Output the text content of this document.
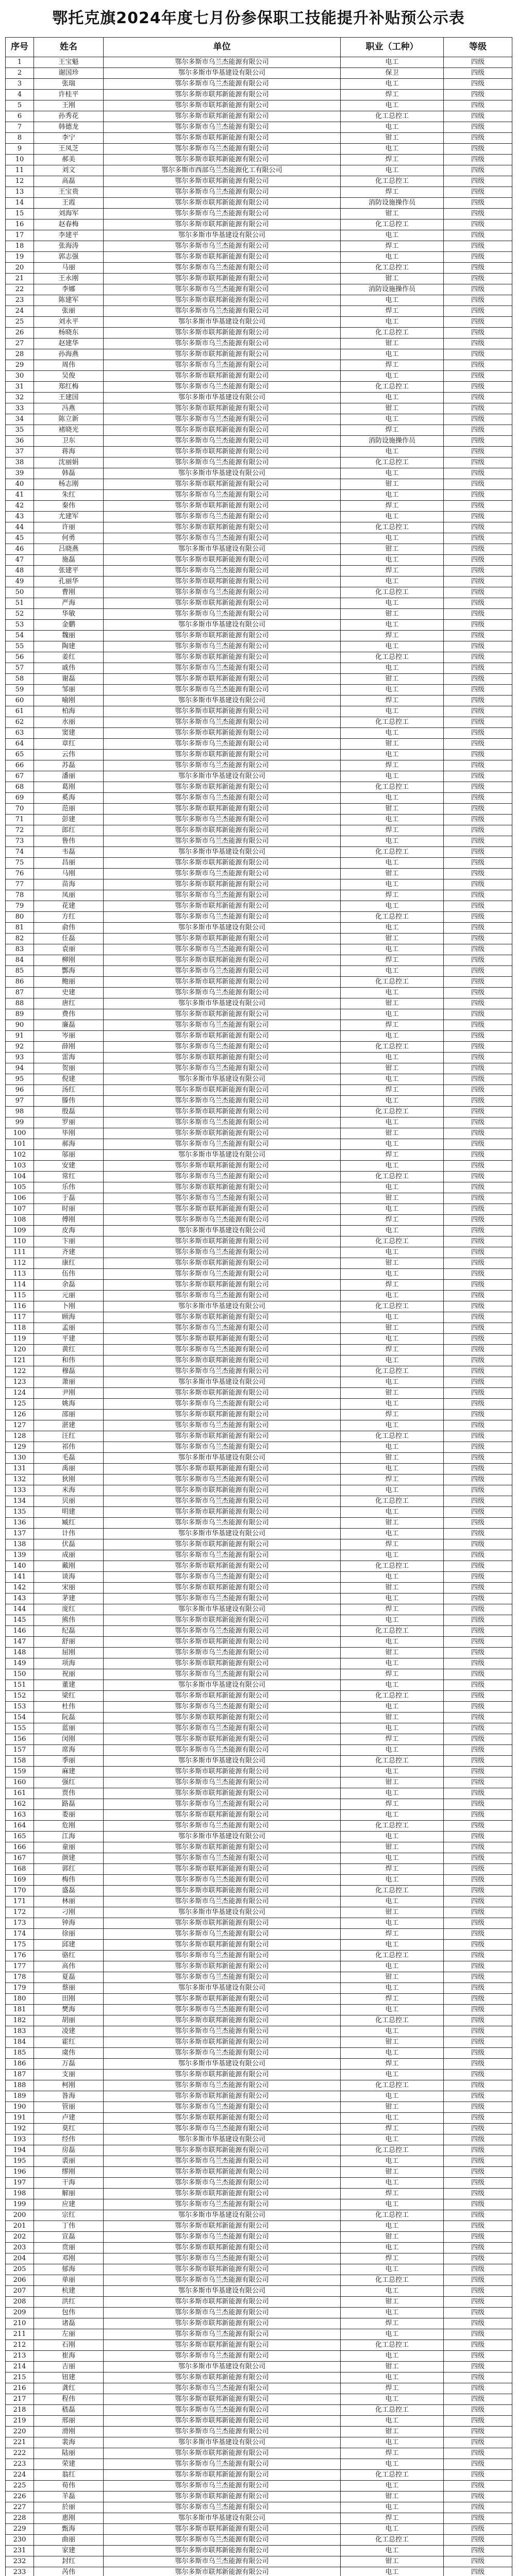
鄂托克旗2024年度七月份参保职工技能提升补贴预公示表
序号	姓名	单位	职业（工种）	等级
1	王宝魁	鄂尔多斯市乌兰杰能源有限公司	电工	四级
2	谢国珍	鄂尔多斯市华基建设有限公司	保卫	四级
3	张瑞	鄂尔多斯市乌兰杰能源有限公司	电工	四级
4	许桂平	鄂尔多斯市联邦新能源有限公司	焊工	四级
5	王刚	鄂尔多斯市联邦新能源有限公司	电工	四级
6	孙秀花	鄂尔多斯市联邦新能源有限公司	化工总控工	四级
7	韩德龙	鄂尔多斯市乌兰杰能源有限公司	电工	四级
8	李宁	鄂尔多斯市联邦新能源有限公司	钳工	四级
9	王凤芝	鄂尔多斯市乌兰杰能源有限公司	电工	四级
10	郝美	鄂尔多斯市联邦新能源有限公司	焊工	四级
11	刘文	鄂尔多斯市西部乌兰杰能源化工有限公司	电工	四级
12	高磊	鄂尔多斯市联邦新能源有限公司	化工总控工	四级
13	王宝贵	鄂尔多斯市乌兰杰能源有限公司	焊工	四级
14	王霞	鄂尔多斯市联邦新能源有限公司	消防设施操作员	四级
15	刘海军	鄂尔多斯市乌兰杰能源有限公司	钳工	四级
16	赵春梅	鄂尔多斯市联邦新能源有限公司	化工总控工	四级
17	李建平	鄂尔多斯市华基建设有限公司	电工	四级
18	张海涛	鄂尔多斯市乌兰杰能源有限公司	焊工	四级
19	郭志强	鄂尔多斯市联邦新能源有限公司	电工	四级
20	马丽	鄂尔多斯市乌兰杰能源有限公司	化工总控工	四级
21	王永刚	鄂尔多斯市联邦新能源有限公司	钳工	四级
22	李娜	鄂尔多斯市乌兰杰能源有限公司	消防设施操作员	四级
23	陈建军	鄂尔多斯市联邦新能源有限公司	电工	四级
24	张丽	鄂尔多斯市乌兰杰能源有限公司	焊工	四级
25	刘永平	鄂尔多斯市华基建设有限公司	电工	四级
26	杨晓东	鄂尔多斯市联邦新能源有限公司	化工总控工	四级
27	赵建华	鄂尔多斯市乌兰杰能源有限公司	钳工	四级
28	孙海燕	鄂尔多斯市联邦新能源有限公司	电工	四级
29	周伟	鄂尔多斯市乌兰杰能源有限公司	焊工	四级
30	吴俊	鄂尔多斯市联邦新能源有限公司	电工	四级
31	郑红梅	鄂尔多斯市乌兰杰能源有限公司	化工总控工	四级
32	王建国	鄂尔多斯市华基建设有限公司	电工	四级
33	冯燕	鄂尔多斯市联邦新能源有限公司	钳工	四级
34	陈立新	鄂尔多斯市乌兰杰能源有限公司	电工	四级
35	褚晓光	鄂尔多斯市联邦新能源有限公司	焊工	四级
36	卫东	鄂尔多斯市乌兰杰能源有限公司	消防设施操作员	四级
37	蒋海	鄂尔多斯市联邦新能源有限公司	电工	四级
38	沈丽娟	鄂尔多斯市乌兰杰能源有限公司	化工总控工	四级
39	韩磊	鄂尔多斯市华基建设有限公司	电工	四级
40	杨志刚	鄂尔多斯市联邦新能源有限公司	钳工	四级
41	朱红	鄂尔多斯市乌兰杰能源有限公司	电工	四级
42	秦伟	鄂尔多斯市联邦新能源有限公司	焊工	四级
43	尤建军	鄂尔多斯市乌兰杰能源有限公司	电工	四级
44	许丽	鄂尔多斯市联邦新能源有限公司	化工总控工	四级
45	何勇	鄂尔多斯市乌兰杰能源有限公司	电工	四级
46	吕晓燕	鄂尔多斯市华基建设有限公司	钳工	四级
47	施磊	鄂尔多斯市联邦新能源有限公司	电工	四级
48	张建平	鄂尔多斯市乌兰杰能源有限公司	焊工	四级
49	孔丽华	鄂尔多斯市联邦新能源有限公司	电工	四级
50	曹刚	鄂尔多斯市乌兰杰能源有限公司	化工总控工	四级
51	严海	鄂尔多斯市联邦新能源有限公司	电工	四级
52	华敏	鄂尔多斯市乌兰杰能源有限公司	钳工	四级
53	金鹏	鄂尔多斯市华基建设有限公司	电工	四级
54	魏丽	鄂尔多斯市联邦新能源有限公司	焊工	四级
55	陶建	鄂尔多斯市乌兰杰能源有限公司	电工	四级
56	姜红	鄂尔多斯市联邦新能源有限公司	化工总控工	四级
57	戚伟	鄂尔多斯市乌兰杰能源有限公司	电工	四级
58	谢磊	鄂尔多斯市联邦新能源有限公司	钳工	四级
59	邹丽	鄂尔多斯市乌兰杰能源有限公司	电工	四级
60	喻刚	鄂尔多斯市华基建设有限公司	焊工	四级
61	柏海	鄂尔多斯市联邦新能源有限公司	电工	四级
62	水丽	鄂尔多斯市乌兰杰能源有限公司	化工总控工	四级
63	窦建	鄂尔多斯市联邦新能源有限公司	电工	四级
64	章红	鄂尔多斯市乌兰杰能源有限公司	钳工	四级
65	云伟	鄂尔多斯市联邦新能源有限公司	电工	四级
66	苏磊	鄂尔多斯市乌兰杰能源有限公司	焊工	四级
67	潘丽	鄂尔多斯市华基建设有限公司	电工	四级
68	葛刚	鄂尔多斯市联邦新能源有限公司	化工总控工	四级
69	奚海	鄂尔多斯市乌兰杰能源有限公司	电工	四级
70	范丽	鄂尔多斯市联邦新能源有限公司	钳工	四级
71	彭建	鄂尔多斯市乌兰杰能源有限公司	电工	四级
72	郎红	鄂尔多斯市联邦新能源有限公司	焊工	四级
73	鲁伟	鄂尔多斯市乌兰杰能源有限公司	电工	四级
74	韦磊	鄂尔多斯市华基建设有限公司	化工总控工	四级
75	昌丽	鄂尔多斯市联邦新能源有限公司	电工	四级
76	马刚	鄂尔多斯市乌兰杰能源有限公司	钳工	四级
77	苗海	鄂尔多斯市联邦新能源有限公司	电工	四级
78	凤丽	鄂尔多斯市乌兰杰能源有限公司	焊工	四级
79	花建	鄂尔多斯市联邦新能源有限公司	电工	四级
80	方红	鄂尔多斯市乌兰杰能源有限公司	化工总控工	四级
81	俞伟	鄂尔多斯市华基建设有限公司	电工	四级
82	任磊	鄂尔多斯市联邦新能源有限公司	钳工	四级
83	袁丽	鄂尔多斯市乌兰杰能源有限公司	电工	四级
84	柳刚	鄂尔多斯市联邦新能源有限公司	焊工	四级
85	酆海	鄂尔多斯市乌兰杰能源有限公司	电工	四级
86	鲍丽	鄂尔多斯市联邦新能源有限公司	化工总控工	四级
87	史建	鄂尔多斯市乌兰杰能源有限公司	电工	四级
88	唐红	鄂尔多斯市华基建设有限公司	钳工	四级
89	费伟	鄂尔多斯市联邦新能源有限公司	电工	四级
90	廉磊	鄂尔多斯市乌兰杰能源有限公司	焊工	四级
91	岑丽	鄂尔多斯市联邦新能源有限公司	电工	四级
92	薛刚	鄂尔多斯市乌兰杰能源有限公司	化工总控工	四级
93	雷海	鄂尔多斯市联邦新能源有限公司	电工	四级
94	贺丽	鄂尔多斯市乌兰杰能源有限公司	钳工	四级
95	倪建	鄂尔多斯市华基建设有限公司	电工	四级
96	汤红	鄂尔多斯市联邦新能源有限公司	焊工	四级
97	滕伟	鄂尔多斯市乌兰杰能源有限公司	电工	四级
98	殷磊	鄂尔多斯市联邦新能源有限公司	化工总控工	四级
99	罗丽	鄂尔多斯市乌兰杰能源有限公司	电工	四级
100	毕刚	鄂尔多斯市联邦新能源有限公司	钳工	四级
101	郝海	鄂尔多斯市乌兰杰能源有限公司	电工	四级
102	邬丽	鄂尔多斯市华基建设有限公司	焊工	四级
103	安建	鄂尔多斯市联邦新能源有限公司	电工	四级
104	常红	鄂尔多斯市乌兰杰能源有限公司	化工总控工	四级
105	乐伟	鄂尔多斯市联邦新能源有限公司	电工	四级
106	于磊	鄂尔多斯市乌兰杰能源有限公司	钳工	四级
107	时丽	鄂尔多斯市联邦新能源有限公司	电工	四级
108	傅刚	鄂尔多斯市乌兰杰能源有限公司	焊工	四级
109	皮海	鄂尔多斯市华基建设有限公司	电工	四级
110	卞丽	鄂尔多斯市联邦新能源有限公司	化工总控工	四级
111	齐建	鄂尔多斯市乌兰杰能源有限公司	电工	四级
112	康红	鄂尔多斯市联邦新能源有限公司	钳工	四级
113	伍伟	鄂尔多斯市乌兰杰能源有限公司	电工	四级
114	余磊	鄂尔多斯市联邦新能源有限公司	焊工	四级
115	元丽	鄂尔多斯市乌兰杰能源有限公司	电工	四级
116	卜刚	鄂尔多斯市华基建设有限公司	化工总控工	四级
117	顾海	鄂尔多斯市联邦新能源有限公司	电工	四级
118	孟丽	鄂尔多斯市乌兰杰能源有限公司	钳工	四级
119	平建	鄂尔多斯市联邦新能源有限公司	电工	四级
120	黄红	鄂尔多斯市乌兰杰能源有限公司	焊工	四级
121	和伟	鄂尔多斯市联邦新能源有限公司	电工	四级
122	穆磊	鄂尔多斯市乌兰杰能源有限公司	化工总控工	四级
123	萧丽	鄂尔多斯市华基建设有限公司	电工	四级
124	尹刚	鄂尔多斯市联邦新能源有限公司	钳工	四级
125	姚海	鄂尔多斯市乌兰杰能源有限公司	电工	四级
126	邵丽	鄂尔多斯市联邦新能源有限公司	焊工	四级
127	湛建	鄂尔多斯市乌兰杰能源有限公司	电工	四级
128	汪红	鄂尔多斯市联邦新能源有限公司	化工总控工	四级
129	祁伟	鄂尔多斯市乌兰杰能源有限公司	电工	四级
130	毛磊	鄂尔多斯市华基建设有限公司	钳工	四级
131	禹丽	鄂尔多斯市联邦新能源有限公司	电工	四级
132	狄刚	鄂尔多斯市乌兰杰能源有限公司	焊工	四级
133	米海	鄂尔多斯市联邦新能源有限公司	电工	四级
134	贝丽	鄂尔多斯市乌兰杰能源有限公司	化工总控工	四级
135	明建	鄂尔多斯市联邦新能源有限公司	电工	四级
136	臧红	鄂尔多斯市乌兰杰能源有限公司	钳工	四级
137	计伟	鄂尔多斯市华基建设有限公司	电工	四级
138	伏磊	鄂尔多斯市联邦新能源有限公司	焊工	四级
139	成丽	鄂尔多斯市乌兰杰能源有限公司	电工	四级
140	戴刚	鄂尔多斯市联邦新能源有限公司	化工总控工	四级
141	谈海	鄂尔多斯市乌兰杰能源有限公司	电工	四级
142	宋丽	鄂尔多斯市联邦新能源有限公司	钳工	四级
143	茅建	鄂尔多斯市乌兰杰能源有限公司	电工	四级
144	庞红	鄂尔多斯市华基建设有限公司	焊工	四级
145	熊伟	鄂尔多斯市联邦新能源有限公司	电工	四级
146	纪磊	鄂尔多斯市乌兰杰能源有限公司	化工总控工	四级
147	舒丽	鄂尔多斯市联邦新能源有限公司	电工	四级
148	屈刚	鄂尔多斯市乌兰杰能源有限公司	钳工	四级
149	项海	鄂尔多斯市联邦新能源有限公司	电工	四级
150	祝丽	鄂尔多斯市乌兰杰能源有限公司	焊工	四级
151	董建	鄂尔多斯市华基建设有限公司	电工	四级
152	梁红	鄂尔多斯市联邦新能源有限公司	化工总控工	四级
153	杜伟	鄂尔多斯市乌兰杰能源有限公司	电工	四级
154	阮磊	鄂尔多斯市联邦新能源有限公司	钳工	四级
155	蓝丽	鄂尔多斯市乌兰杰能源有限公司	电工	四级
156	闵刚	鄂尔多斯市联邦新能源有限公司	焊工	四级
157	席海	鄂尔多斯市乌兰杰能源有限公司	电工	四级
158	季丽	鄂尔多斯市华基建设有限公司	化工总控工	四级
159	麻建	鄂尔多斯市联邦新能源有限公司	电工	四级
160	强红	鄂尔多斯市乌兰杰能源有限公司	钳工	四级
161	贾伟	鄂尔多斯市联邦新能源有限公司	电工	四级
162	路磊	鄂尔多斯市乌兰杰能源有限公司	焊工	四级
163	娄丽	鄂尔多斯市联邦新能源有限公司	电工	四级
164	危刚	鄂尔多斯市乌兰杰能源有限公司	化工总控工	四级
165	江海	鄂尔多斯市华基建设有限公司	电工	四级
166	童丽	鄂尔多斯市联邦新能源有限公司	钳工	四级
167	颜建	鄂尔多斯市乌兰杰能源有限公司	电工	四级
168	郭红	鄂尔多斯市联邦新能源有限公司	焊工	四级
169	梅伟	鄂尔多斯市乌兰杰能源有限公司	电工	四级
170	盛磊	鄂尔多斯市联邦新能源有限公司	化工总控工	四级
171	林丽	鄂尔多斯市乌兰杰能源有限公司	电工	四级
172	刁刚	鄂尔多斯市华基建设有限公司	钳工	四级
173	钟海	鄂尔多斯市联邦新能源有限公司	电工	四级
174	徐丽	鄂尔多斯市乌兰杰能源有限公司	焊工	四级
175	邱建	鄂尔多斯市联邦新能源有限公司	电工	四级
176	骆红	鄂尔多斯市乌兰杰能源有限公司	化工总控工	四级
177	高伟	鄂尔多斯市联邦新能源有限公司	电工	四级
178	夏磊	鄂尔多斯市乌兰杰能源有限公司	钳工	四级
179	蔡丽	鄂尔多斯市华基建设有限公司	电工	四级
180	田刚	鄂尔多斯市联邦新能源有限公司	焊工	四级
181	樊海	鄂尔多斯市乌兰杰能源有限公司	电工	四级
182	胡丽	鄂尔多斯市联邦新能源有限公司	化工总控工	四级
183	凌建	鄂尔多斯市乌兰杰能源有限公司	电工	四级
184	霍红	鄂尔多斯市联邦新能源有限公司	钳工	四级
185	虞伟	鄂尔多斯市乌兰杰能源有限公司	电工	四级
186	万磊	鄂尔多斯市华基建设有限公司	焊工	四级
187	支丽	鄂尔多斯市联邦新能源有限公司	电工	四级
188	柯刚	鄂尔多斯市乌兰杰能源有限公司	化工总控工	四级
189	昝海	鄂尔多斯市联邦新能源有限公司	电工	四级
190	管丽	鄂尔多斯市乌兰杰能源有限公司	钳工	四级
191	卢建	鄂尔多斯市联邦新能源有限公司	电工	四级
192	莫红	鄂尔多斯市乌兰杰能源有限公司	焊工	四级
193	经伟	鄂尔多斯市华基建设有限公司	电工	四级
194	房磊	鄂尔多斯市联邦新能源有限公司	化工总控工	四级
195	裘丽	鄂尔多斯市乌兰杰能源有限公司	电工	四级
196	缪刚	鄂尔多斯市联邦新能源有限公司	钳工	四级
197	干海	鄂尔多斯市乌兰杰能源有限公司	电工	四级
198	解丽	鄂尔多斯市联邦新能源有限公司	焊工	四级
199	应建	鄂尔多斯市乌兰杰能源有限公司	电工	四级
200	宗红	鄂尔多斯市华基建设有限公司	化工总控工	四级
201	丁伟	鄂尔多斯市联邦新能源有限公司	电工	四级
202	宣磊	鄂尔多斯市乌兰杰能源有限公司	钳工	四级
203	贲丽	鄂尔多斯市联邦新能源有限公司	电工	四级
204	邓刚	鄂尔多斯市乌兰杰能源有限公司	焊工	四级
205	郁海	鄂尔多斯市联邦新能源有限公司	电工	四级
206	单丽	鄂尔多斯市乌兰杰能源有限公司	化工总控工	四级
207	杭建	鄂尔多斯市华基建设有限公司	电工	四级
208	洪红	鄂尔多斯市联邦新能源有限公司	钳工	四级
209	包伟	鄂尔多斯市乌兰杰能源有限公司	电工	四级
210	诸磊	鄂尔多斯市联邦新能源有限公司	焊工	四级
211	左丽	鄂尔多斯市乌兰杰能源有限公司	电工	四级
212	石刚	鄂尔多斯市联邦新能源有限公司	化工总控工	四级
213	崔海	鄂尔多斯市乌兰杰能源有限公司	电工	四级
214	吉丽	鄂尔多斯市华基建设有限公司	钳工	四级
215	钮建	鄂尔多斯市联邦新能源有限公司	电工	四级
216	龚红	鄂尔多斯市乌兰杰能源有限公司	焊工	四级
217	程伟	鄂尔多斯市联邦新能源有限公司	电工	四级
218	嵇磊	鄂尔多斯市乌兰杰能源有限公司	化工总控工	四级
219	邢丽	鄂尔多斯市联邦新能源有限公司	电工	四级
220	滑刚	鄂尔多斯市乌兰杰能源有限公司	钳工	四级
221	裴海	鄂尔多斯市华基建设有限公司	电工	四级
222	陆丽	鄂尔多斯市联邦新能源有限公司	焊工	四级
223	荣建	鄂尔多斯市乌兰杰能源有限公司	电工	四级
224	翁红	鄂尔多斯市联邦新能源有限公司	化工总控工	四级
225	荀伟	鄂尔多斯市乌兰杰能源有限公司	电工	四级
226	羊磊	鄂尔多斯市联邦新能源有限公司	钳工	四级
227	於丽	鄂尔多斯市乌兰杰能源有限公司	电工	四级
228	惠刚	鄂尔多斯市华基建设有限公司	焊工	四级
229	甄海	鄂尔多斯市联邦新能源有限公司	电工	四级
230	曲丽	鄂尔多斯市乌兰杰能源有限公司	化工总控工	四级
231	家建	鄂尔多斯市联邦新能源有限公司	电工	四级
232	封红	鄂尔多斯市乌兰杰能源有限公司	钳工	四级
233	芮伟	鄂尔多斯市联邦新能源有限公司	电工	四级
